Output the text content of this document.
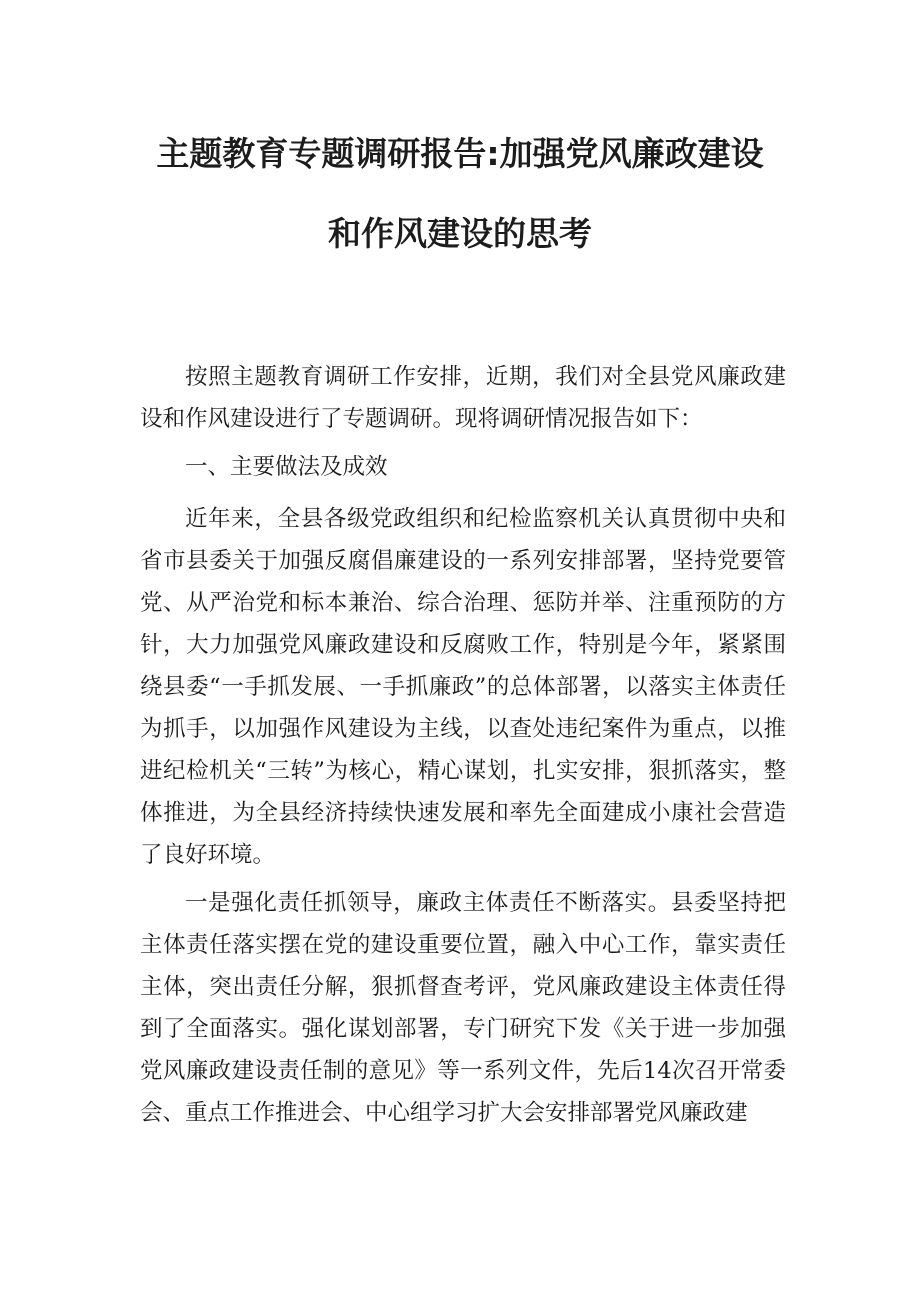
主题教育专题调研报告:加强党风廉政建设
和作风建设的思考

按照主题教育调研工作安排，近期，我们对全县党风廉政建设和作风建设进行了专题调研。现将调研情况报告如下：

一、主要做法及成效

近年来，全县各级党政组织和纪检监察机关认真贯彻中央和省市县委关于加强反腐倡廉建设的一系列安排部署，坚持党要管党、从严治党和标本兼治、综合治理、惩防并举、注重预防的方针，大力加强党风廉政建设和反腐败工作，特别是今年，紧紧围绕县委“一手抓发展、一手抓廉政”的总体部署，以落实主体责任为抓手，以加强作风建设为主线，以查处违纪案件为重点，以推进纪检机关“三转”为核心，精心谋划，扎实安排，狠抓落实，整体推进，为全县经济持续快速发展和率先全面建成小康社会营造了良好环境。

一是强化责任抓领导，廉政主体责任不断落实。县委坚持把主体责任落实摆在党的建设重要位置，融入中心工作，靠实责任主体，突出责任分解，狠抓督查考评，党风廉政建设主体责任得到了全面落实。强化谋划部署，专门研究下发《关于进一步加强党风廉政建设责任制的意见》等一系列文件，先后14次召开常委会、重点工作推进会、中心组学习扩大会安排部署党风廉政建
